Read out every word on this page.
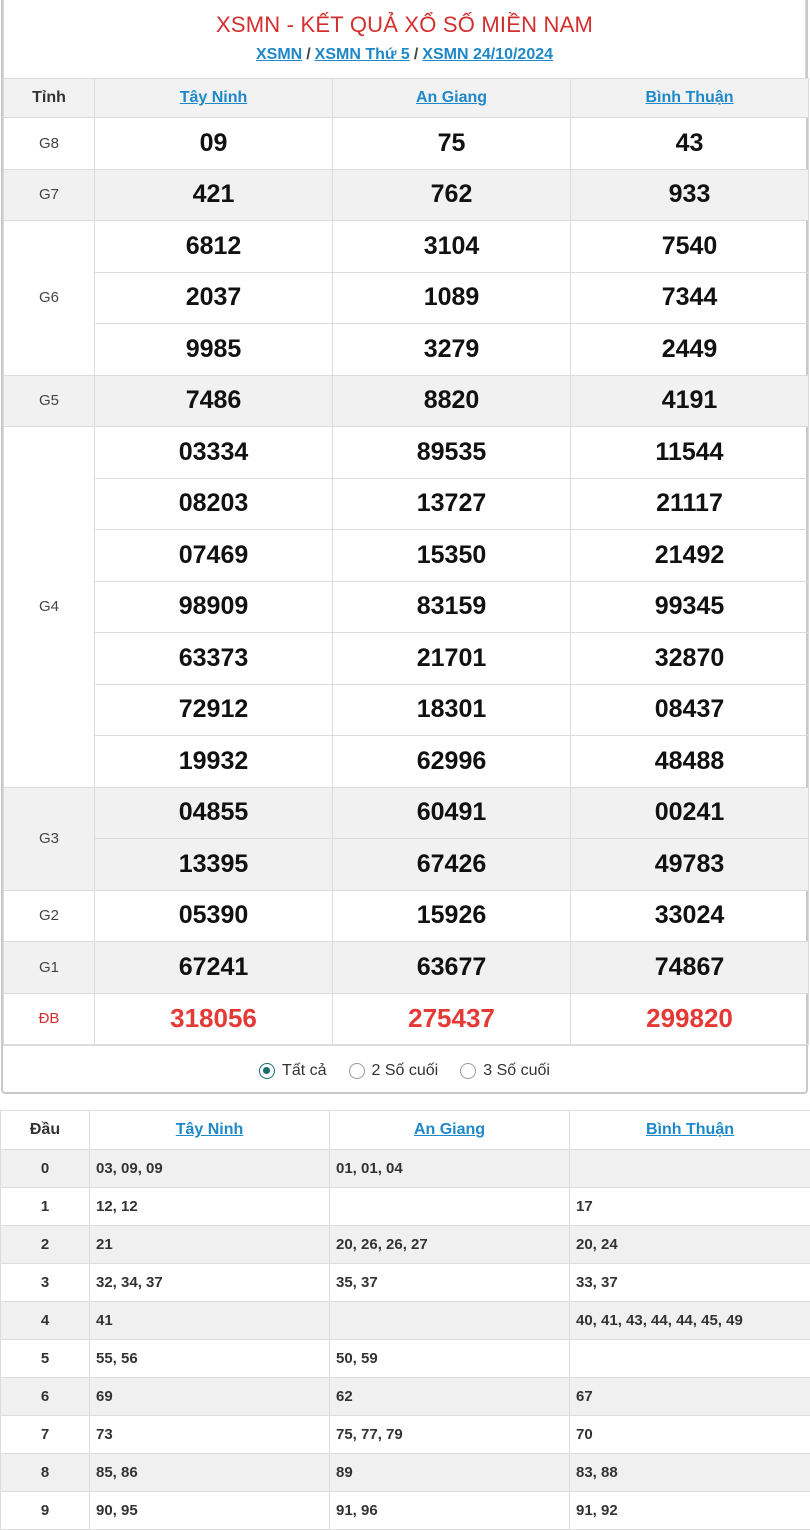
XSMN - KẾT QUẢ XỔ SỐ MIỀN NAM
XSMN / XSMN Thứ 5 / XSMN 24/10/2024
Tỉnh	Tây Ninh	An Giang	Bình Thuận
G8	09	75	43
G7	421	762	933
G6	6812	3104	7540
	2037	1089	7344
	9985	3279	2449
G5	7486	8820	4191
G4	03334	89535	11544
	08203	13727	21117
	07469	15350	21492
	98909	83159	99345
	63373	21701	32870
	72912	18301	08437
	19932	62996	48488
G3	04855	60491	00241
	13395	67426	49783
G2	05390	15926	33024
G1	67241	63677	74867
ĐB	318056	275437	299820
Tất cả	2 Số cuối	3 Số cuối
Đầu	Tây Ninh	An Giang	Bình Thuận
0	03, 09, 09	01, 01, 04	
1	12, 12		17
2	21	20, 26, 26, 27	20, 24
3	32, 34, 37	35, 37	33, 37
4	41		40, 41, 43, 44, 44, 45, 49
5	55, 56	50, 59	
6	69	62	67
7	73	75, 77, 79	70
8	85, 86	89	83, 88
9	90, 95	91, 96	91, 92
